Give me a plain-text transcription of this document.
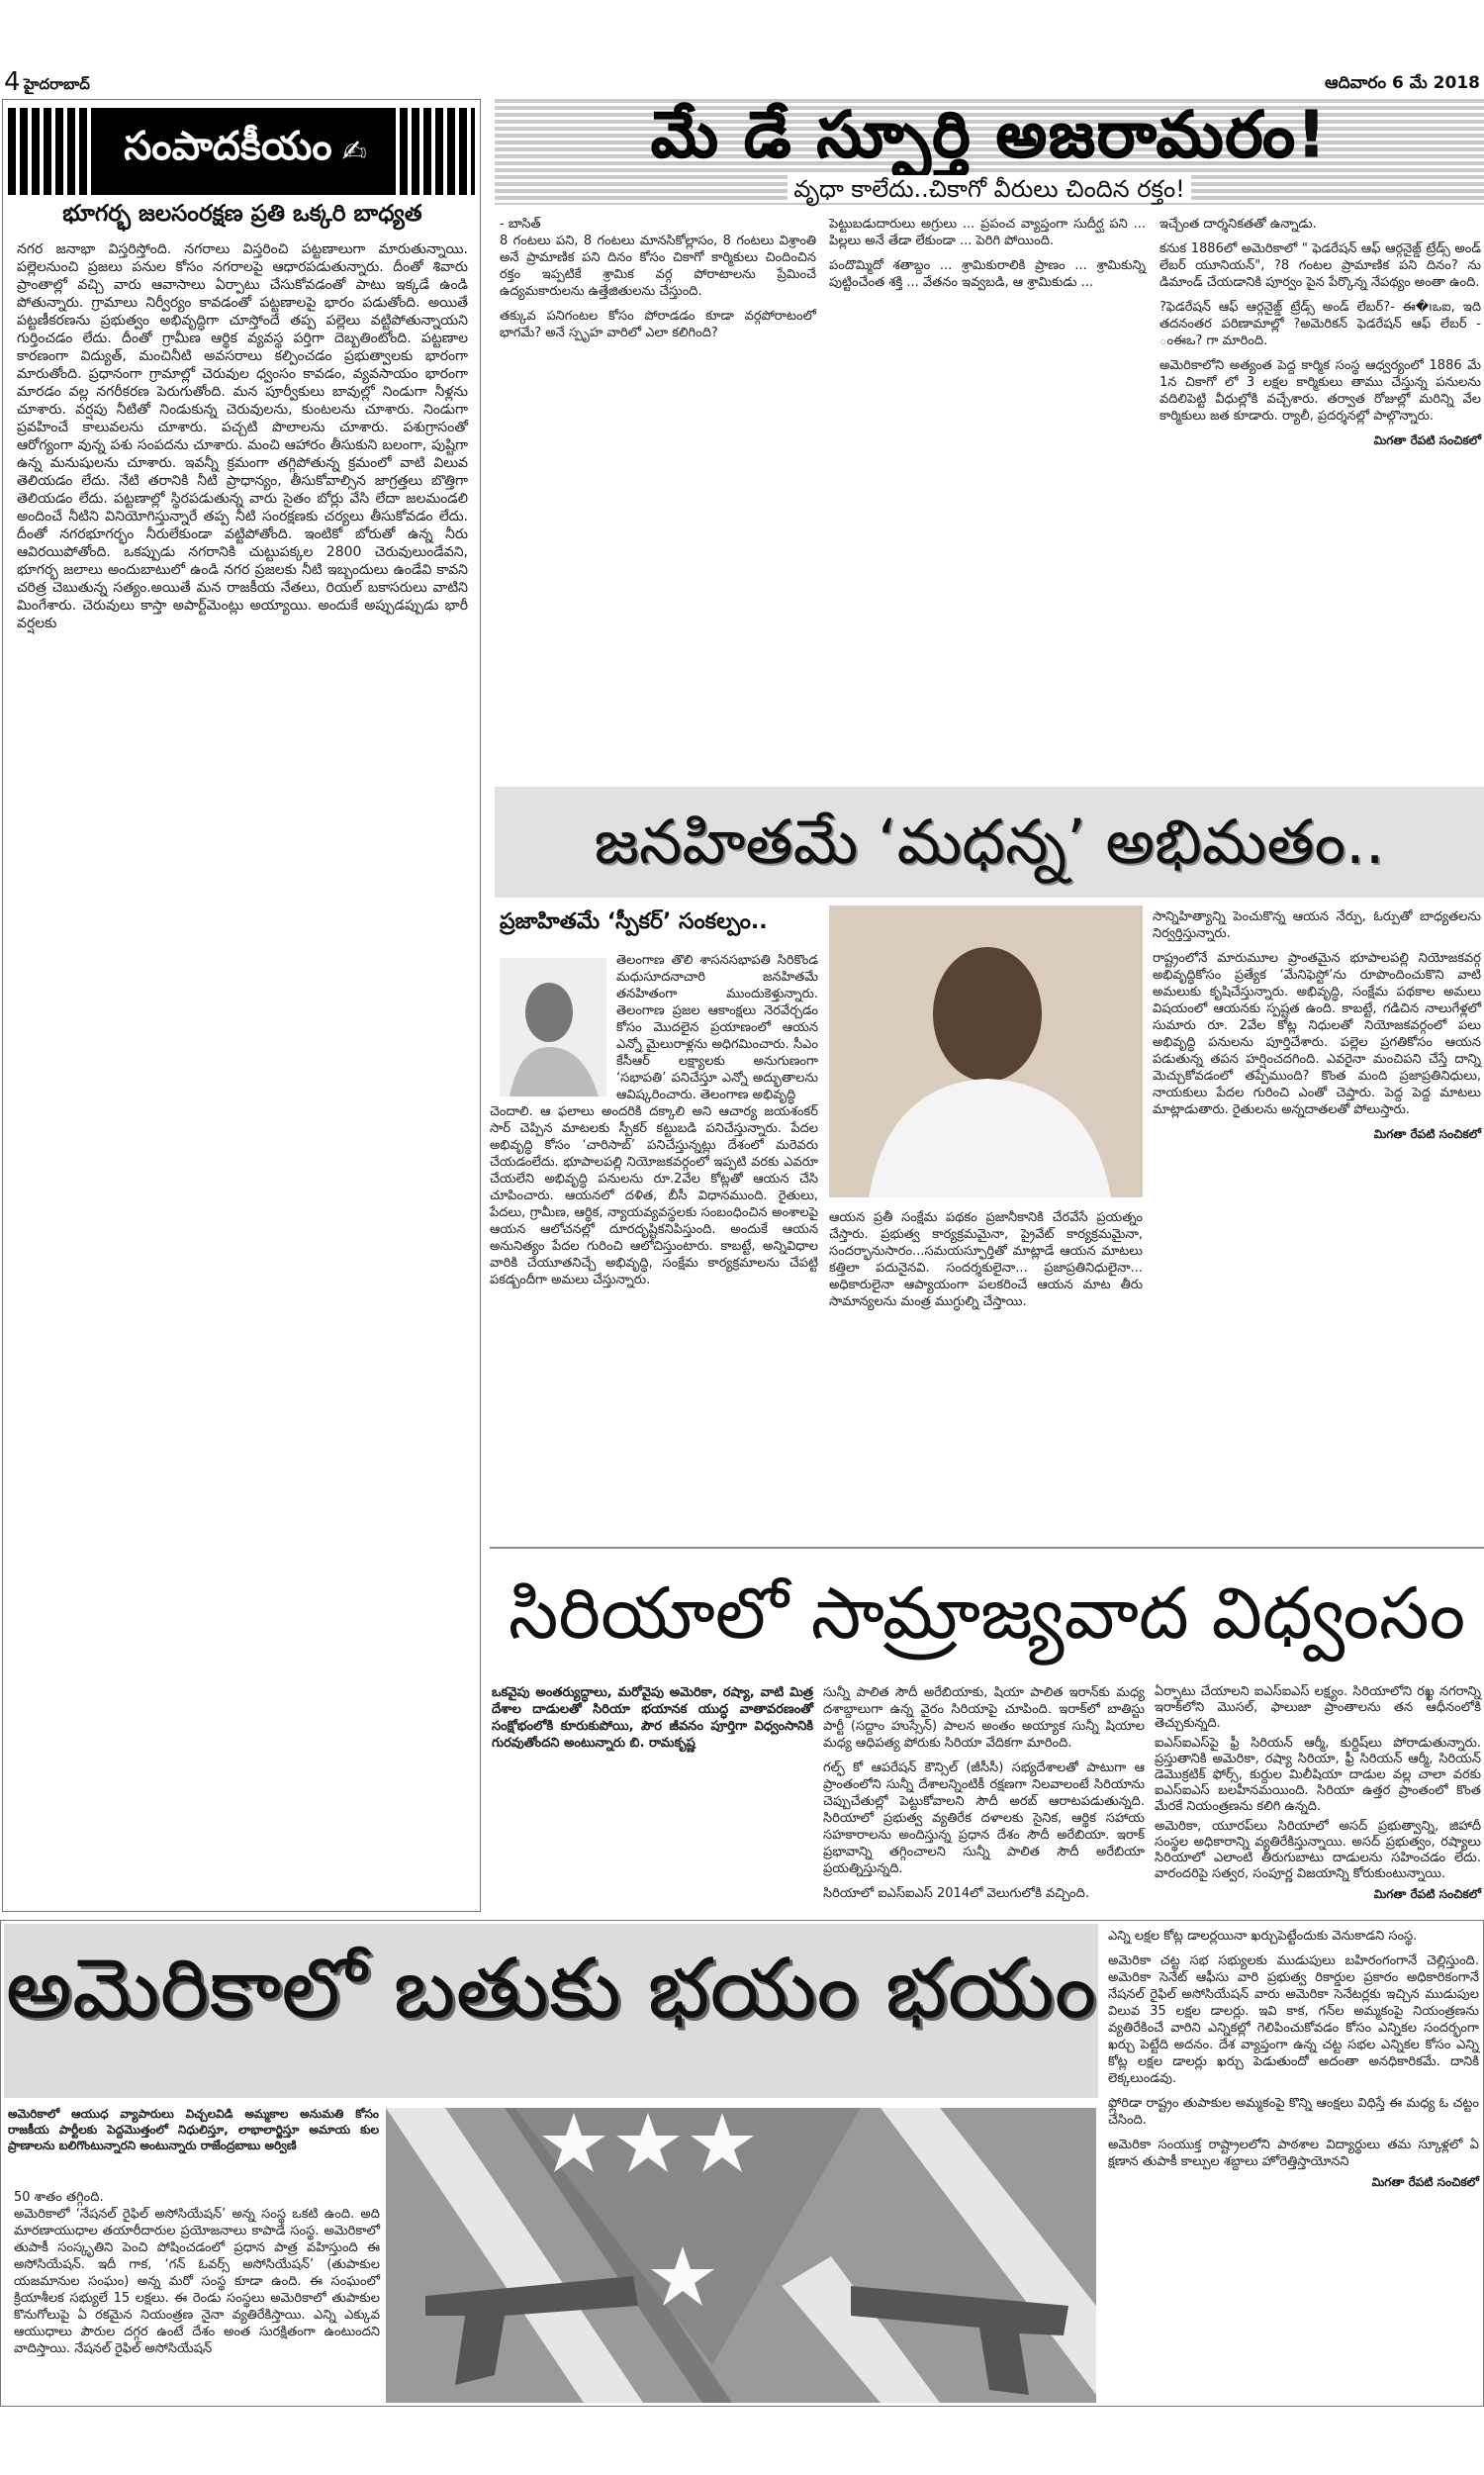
4 హైదరాబాద్	ఆదివారం 6 మే 2018
సంపాదకీయం ✍
భూగర్భ జలసంరక్షణ ప్రతి ఒక్కరి బాధ్యత

నగర జనాభా విస్తరిస్తోంది. నగరాలు విస్తరించి పట్టణాలుగా మారుతున్నాయి. పల్లెలనుంచి ప్రజలు పనుల కోసం నగరాలపై ఆధారపడుతున్నారు. దీంతో శివారు ప్రాంతాల్లో వచ్చి వారు ఆవాసాలు ఏర్పాటు చేసుకోవడంతో పాటు ఇక్కడే ఉండి పోతున్నారు. గ్రామాలు నిర్వీర్యం కావడంతో పట్టణాలపై భారం పడుతోంది. అయితే పట్టణీకరణను ప్రభుత్వం అభివృద్ధిగా చూస్తోందే తప్ప పల్లెలు వట్టిపోతున్నాయని గుర్తించడం లేదు. దీంతో గ్రామీణ ఆర్థిక వ్యవస్థ పర్తిగా దెబ్బతింటోంది. పట్టణాల కారణంగా విద్యుత్, మంచినీటి అవసరాలు కల్పించడం ప్రభుత్వాలకు భారంగా మారుతోంది. ప్రధానంగా గ్రామాల్లో చెరువుల ధ్వంసం కావడం, వ్యవసాయం భారంగా మారడం వల్ల నగరీకరణ పెరుగుతోంది. మన పూర్వీకులు బావుల్లో నిండుగా నీళ్లను చూశారు. వర్షపు నీటితో నిండుకున్న చెరువులను, కుంటలను చూశారు. నిండుగా ప్రవహించే కాలువలను చూశారు. పచ్చటి పొలాలను చూశారు. పశుగ్రాసంతో ఆరోగ్యంగా వున్న పశు సంపదను చూశారు. మంచి ఆహారం తీసుకుని బలంగా, పుష్టిగా ఉన్న మనుషులను చూశారు. ఇవన్నీ క్రమంగా తగ్గిపోతున్న క్రమంలో వాటి విలువ తెలియడం లేదు. నేటి తరానికి నీటి ప్రాధాన్యం, తీసుకోవాల్సిన జాగ్రత్తలు బొత్తిగా తెలియడం లేదు. పట్టణాల్లో స్థిరపడుతున్న వారు సైతం బోర్లు వేసి లేదా జలమండలి అందించే నీటిని వినియోగిస్తున్నారే తప్ప నీటి సంరక్షణకు చర్యలు తీసుకోవడం లేదు. దీంతో నగరభూగర్భం నీరులేకుండా వట్టిపోతోంది. ఇంటికో బోరుతో ఉన్న నీరు ఆవిరయిపోతోంది. ఒకప్పుడు నగరానికి చుట్టుపక్కల 2800 చెరువులుండేవని, భూగర్భ జలాలు అందుబాటులో ఉండి నగర ప్రజలకు నీటి ఇబ్బందులు ఉండేవి కావని చరిత్ర చెబుతున్న సత్యం.అయితే మన రాజకీయ నేతలు, రియల్ బకాసరులు వాటిని మింగేశారు. చెరువులు కాస్తా అపార్ట్‌మెంట్లు అయ్యాయి. అందుకే అప్పుడప్పుడు భారీ వర్షలకు

మే డే స్ఫూర్తి అజరామరం!
వృధా కాలేదు..చికాగో వీరులు చిందిన రక్తం!

- బాసిత్

8 గంటలు పని, 8 గంటలు మానసికోల్లాసం, 8 గంటలు విశ్రాంతి అనే ప్రామాణిక పని దినం కోసం చికాగో కార్మికులు చిందించిన రక్తం ఇప్పటికే శ్రామిక వర్గ పోరాటాలను ప్రేమించే ఉద్యమకారులను ఉత్తేజితులను చేస్తుంది.

తక్కువ పనిగంటల కోసం పోరాడడం కూడా వర్గపోరాటంలో భాగమే? అనే స్పృహ వారిలో ఎలా కలిగింది?

పెట్టుబడుదారులు అగ్రులు ... ప్రపంచ వ్యాప్తంగా సుదీర్ఘ పని ... పిల్లలు అనే తేడా లేకుండా ... పెరిగి పోయింది.

పందొమ్మిదో శతాబ్దం ... శ్రామికురాలికి ప్రాణం ... శ్రామికున్ని పుట్టించేంత శక్తి ... వేతనం ఇవ్వబడి, ఆ శ్రామికుడు ...

ఇచ్చేంత దార్శనికతతో ఉన్నాడు.

కనుక 1886లో అమెరికాలో " ఫెడరేషన్ ఆఫ్ ఆర్గనైజ్డ్ ట్రేడ్స్ అండ్ లేబర్ యూనియన్", ?8 గంటల ప్రామాణిక పని దినం? ను డిమాండ్ చేయడానికి పూర్వం పైన పేర్కొన్న నేపథ్యం అంతా ఉంది.

?ఫెడరేషన్ ఆఫ్ ఆర్గనైజ్డ్ ట్రేడ్స్ అండ్ లేబర్?- ఈ�וఒఐ, ఇది తదనంతర పరిణామాల్లో ?అమెరికన్ ఫెడరేషన్ ఆఫ్ లేబర్ - ంఈఒ? గా మారింది.

అమెరికాలోని అత్యంత పెద్ద కార్మిక సంస్థ ఆధ్వర్యంలో 1886 మే 1న చికాగో లో 3 లక్షల కార్మికులు తాము చేస్తున్న పనులను వదిలిపెట్టి వీధుల్లోకి వచ్చేశారు. తర్వాత రోజుల్లో మరిన్ని వేల కార్మికులు జత కూడారు. ర్యాలీ, ప్రదర్శనల్లో పాల్గొన్నారు.

మిగతా రేపటి సంచికలో
జనహితమే ‘మధన్న’ అభిమతం..
ప్రజాహితమే ‘స్పీకర్’ సంకల్పం..

తెలంగాణ తొలి శాసనసభాపతి సిరికొండ మధుసూదనాచారి జనహితమే తనహితంగా ముందుకెళ్తున్నారు. తెలంగాణ ప్రజల ఆకాంక్షలు నెరవేర్చడం కోసం మొదలైన ప్రయాణంలో ఆయన ఎన్నో మైలురాళ్లను అధిగమించారు. సీఎం కేసీఆర్ లక్ష్యాలకు అనుగుణంగా ‘సభాపతి’ పనిచేస్తూ ఎన్నో అద్భుతాలను ఆవిష్కరించారు. తెలంగాణ అభివృద్ధి

చెందాలి. ఆ ఫలాలు అందరికి దక్కాలి అని ఆచార్య జయశంకర్ సార్ చెప్పిన మాటలకు స్పీకర్ కట్టుబడి పనిచేస్తున్నారు. పేదల అభివృద్ధి కోసం ‘చారిసాబ్’ పనిచేస్తున్నట్లు దేశంలో మరెవరు చేయడంలేదు. భూపాలపల్లి నియోజకవర్గంలో ఇప్పటి వరకు ఎవరూ చేయలేని అభివృద్ధి పనులను రూ.2వేల కోట్లతో ఆయన చేసి చూపించారు. ఆయనలో దళిత, బీసీ విధానముంది. రైతులు, పేదలు, గ్రామీణ, ఆర్థిక, న్యాయవ్యవస్థలకు సంబంధించిన అంశాలపై ఆయన ఆలోచనల్లో దూరదృష్టికనిపిస్తుంది. అందుకే ఆయన అనునిత్యం పేదల గురించి ఆలోచిస్తుంటారు. కాబట్టే, అన్నివిధాల వారికి చేయూతనిచ్చే అభివృద్ధి, సంక్షేమ కార్యక్రమాలను చేపట్టి పకడ్బందీగా అమలు చేస్తున్నారు.

ఆయన ప్రతీ సంక్షేమ పథకం ప్రజానీకానికి చేరవేసే ప్రయత్నం చేస్తారు. ప్రభుత్వ కార్యక్రమమైనా, ప్రైవేట్ కార్యక్రమమైనా, సందర్భానుసారం...సమయస్ఫూర్తితో మాట్లాడే ఆయన మాటలు కత్తిలా పదునైనవి. సందర్శకులైనా... ప్రజాప్రతినిధులైనా... అధికారులైనా ఆప్యాయంగా పలకరించే ఆయన మాట తీరు సామాన్యలను మంత్ర ముగ్ధుల్ని చేస్తాయి.

సాన్నిహిత్యాన్ని పెంచుకొన్న ఆయన నేర్పు, ఓర్పుతో బాధ్యతలను నిర్వర్తిస్తున్నారు.

రాష్ట్రంలోనే మారుమూల ప్రాంతమైన భూపాలపల్లి నియోజకవర్గ అభివృద్ధికోసం ప్రత్యేక ‘మేనిఫెస్టో’ను రూపొందించుకొని వాటి అమలుకు కృషిచేస్తున్నారు. అభివృద్ధి, సంక్షేమ పథకాల అమలు విషయంలో ఆయనకు స్పష్టత ఉంది. కాబట్టే, గడిచిన నాలుగేళ్లలో సుమారు రూ. 2వేల కోట్ల నిధులతో నియోజకవర్గంలో పలు అభివృద్ధి పనులను పూర్తిచేశారు. పల్లెల ప్రగతికోసం ఆయన పడుతున్న తపన హర్షించదగింది. ఎవరైనా మంచిపని చేస్తే దాన్ని మెచ్చుకోవడంలో తప్పేముంది? కొంత మంది ప్రజాప్రతినిధులు, నాయకులు పేదల గురించి ఎంతో చెప్తారు. పెద్ద పెద్ద మాటలు మాట్లాడుతారు. రైతులను అన్నదాతలతో పోలుస్తారు.

మిగతా రేపటి సంచికలో
సిరియాలో సామ్రాజ్యవాద విధ్వంసం
ఒకవైపు అంతర్యుద్ధాలు, మరోవైపు అమెరికా, రష్యా, వాటి మిత్ర దేశాల దాడులతో సిరియా భయానక యుద్ధ వాతావరణంతో సంక్షోభంలోకి కూరుకుపోయి, పౌర జీవనం పూర్తిగా విధ్వంసానికి గురవుతోందని అంటున్నారు బి. రామకృష్ణ

సున్నీ పాలిత సౌదీ అరేబియాకు, షియా పాలిత ఇరాన్‌కు మధ్య దశాబ్దాలుగా ఉన్న వైరం సిరియాపై చూపింది. ఇరాక్‌లో బాతిస్టు పార్టీ (సద్దాం హుస్సేన్) పాలన అంతం అయ్యాక సున్నీ షియాల మధ్య ఆధిపత్య పోరుకు సిరియా వేదికగా మారింది.

గల్ఫ్ కో ఆపరేషన్ కౌన్సిల్ (జీసీసీ) సభ్యదేశాలతో పాటుగా ఆ ప్రాంతంలోని సున్నీ దేశాలన్నింటికీ రక్షణగా నిలవాలంటే సిరియాను చెప్పుచేతుల్లో పెట్టుకోవాలని సౌదీ అరబ్ ఆరాటపడుతున్నది. సిరియాలో ప్రభుత్వ వ్యతిరేక దళాలకు సైనిక, ఆర్థిక సహాయ సహకారాలను అందిస్తున్న ప్రధాన దేశం సౌదీ అరేబియా. ఇరాక్ ప్రభావాన్ని తగ్గించాలని సున్నీ పాలిత సౌదీ అరేబియా ప్రయత్నిస్తున్నది.

సిరియాలో ఐఎస్ఐఎస్ 2014లో వెలుగులోకి వచ్చింది.

ఏర్పాటు చేయాలని ఐఎస్ఐఎస్ లక్ష్యం. సిరియాలోని రఖ్ఖ నగరాన్ని ఇరాక్‌లోని మొసల్, ఫాలుజా ప్రాంతాలను తన ఆధీనంలోకి తెచ్చుకున్నది.

ఐఎస్ఐఎస్‌పై ఫ్రీ సిరియన్ ఆర్మీ, కుర్దిష్‌లు పోరాడుతున్నారు. ప్రస్తుతానికి అమెరికా, రష్యా సిరియా, ఫ్రీ సిరియన్ ఆర్మీ, సిరియన్ డెమొక్రటిక్ ఫోర్స్, కుర్దుల మిలీషియా దాడుల వల్ల చాలా వరకు ఐఎస్ఐఎస్ బలహీనమయింది. సిరియా ఉత్తర ప్రాంతంలో కొంత మేరకే నియంత్రణను కలిగి ఉన్నది.

అమెరికా, యూరప్‌లు సిరియాలో అసద్ ప్రభుత్వాన్ని, జిహాదీ సంస్థల అధికారాన్ని వ్యతిరేకిస్తున్నాయి. అసద్ ప్రభుత్వం, రష్యాలు సిరియాలో ఎలాంటి తీరుగుబాటు దాడులను సహించడం లేదు. వారందరిపై సత్వర, సంపూర్ణ విజయాన్ని కోరుకుంటున్నాయి.

మిగతా రేపటి సంచికలో
అమెరికాలో బతుకు భయం భయం
అమెరికాలో ఆయుధ వ్యాపారులు విచ్చలవిడి అమ్మకాల అనుమతి కోసం రాజకీయ పార్టీలకు పెద్దమొత్తంలో నిధులిస్తూ, లాభాలార్జిస్తూ అమాయ కుల ప్రాణాలను బలిగొంటున్నారని అంటున్నారు రాజేంద్రబాబు అర్విణి

50 శాతం తగ్గింది.

అమెరికాలో ‘నేషనల్ రైఫిల్ అసోసియేషన్’ అన్న సంస్థ ఒకటి ఉంది. అది మారణాయుధాల తయారీదారుల ప్రయోజనాలు కాపాడే సంస్థ. అమెరికాలో తుపాకీ సంస్కృతిని పెంచి పోషించడంలో ప్రధాన పాత్ర వహిస్తుంది ఈ అసోసియేషన్. ఇదీ గాక, ‘గన్ ఓవర్స్ అసోసియేషన్’ (తుపాకుల యజమానుల సంఘం) అన్న మరో సంస్థ కూడా ఉంది. ఈ సంఘంలో క్రియాశీలక సభ్యులే 15 లక్షలు. ఈ రెండు సంస్థలు అమెరికాలో తుపాకుల కొనుగోలుపై ఏ రకమైన నియంత్రణ నైనా వ్యతిరేకిస్తాయి. ఎన్ని ఎక్కువ ఆయుధాలు పౌరుల దగ్గర ఉంటే దేశం అంత సురక్షితంగా ఉంటుందని వాదిస్తాయి. నేషనల్ రైఫిల్ అసోసియేషన్

ఎన్ని లక్షల కోట్ల డాలర్లయినా ఖర్చుపెట్టేందుకు వెనుకాడని సంస్థ.

అమెరికా చట్ట సభ సభ్యులకు ముడుపులు బహిరంగంగానే చెల్లిస్తుంది. అమెరికా సెనేట్ ఆఫీసు వారి ప్రభుత్వ రికార్డుల ప్రకారం అధికారికంగానే నేషనల్ రైఫిల్ అసోసియేషన్ వారు అమెరికా సెనేటర్లకు ఇచ్చిన ముడుపుల విలువ 35 లక్షల డాలర్లు. ఇవి కాక, గన్‌ల అమ్మకంపై నియంత్రణను వ్యతిరేకించే వారిని ఎన్నికల్లో గెలిపించుకోవడం కోసం ఎన్నికల సందర్భంగా ఖర్చు పెట్టేది అదనం. దేశ వ్యాప్తంగా ఉన్న చట్ట సభల ఎన్నికల కోసం ఎన్ని కోట్ల లక్షల డాలర్లు ఖర్చు పెడుతుందో అదంతా అనధికారికమే. దానికి లెక్కలుండవు.

ఫ్లోరిడా రాష్ట్రం తుపాకుల అమ్మకంపై కొన్ని ఆంక్షలు విధిస్తే ఈ మధ్య ఓ చట్టం చేసింది.

అమెరికా సంయుక్త రాష్ట్రాలలోని పాఠశాల విద్యార్థులు తమ స్కూళ్లలో ఏ క్షణాన తుపాకీ కాల్పుల శబ్దాలు హోరెత్తిస్తాయోనని

మిగతా రేపటి సంచికలో
